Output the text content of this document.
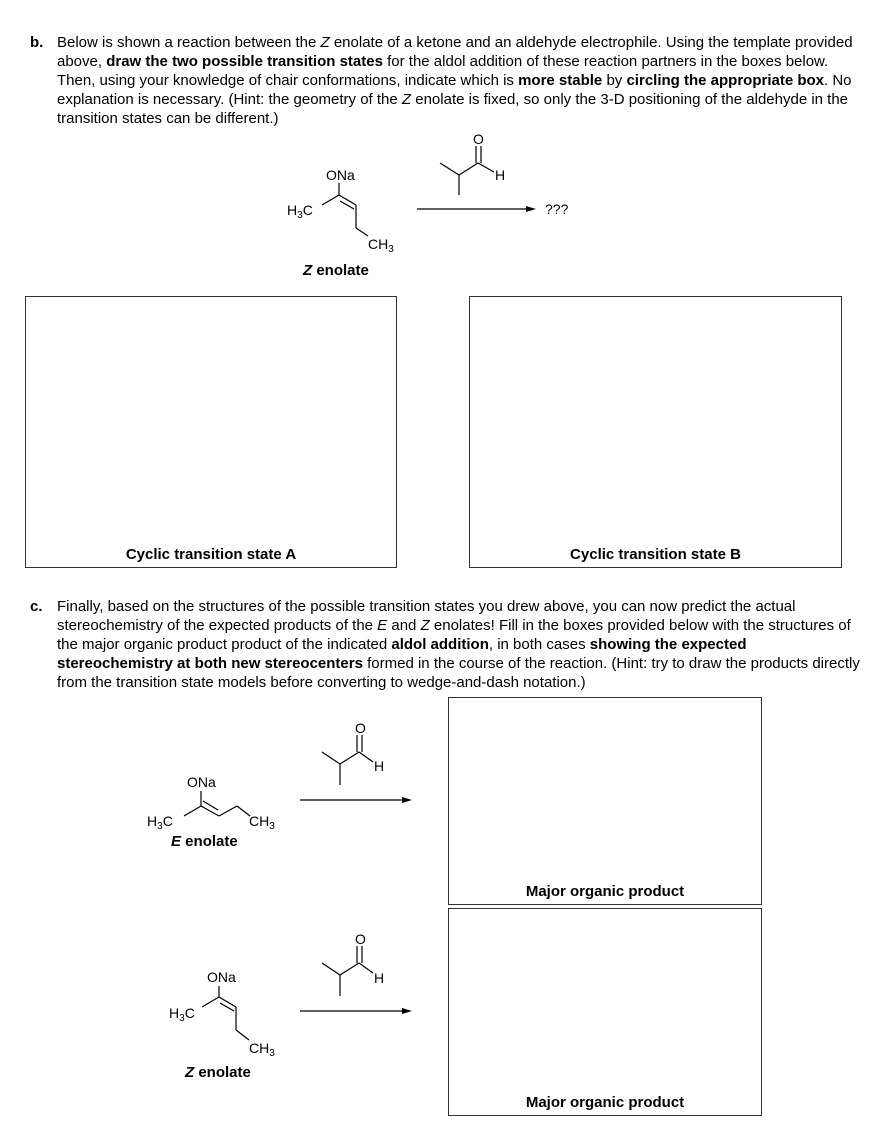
b. Below is shown a reaction between the Z enolate of a ketone and an aldehyde electrophile. Using the template provided above, draw the two possible transition states for the aldol addition of these reaction partners in the boxes below. Then, using your knowledge of chair conformations, indicate which is more stable by circling the appropriate box. No explanation is necessary. (Hint: the geometry of the Z enolate is fixed, so only the 3-D positioning of the aldehyde in the transition states can be different.)
ONa
$H_3C$
$CH_3$
Z enolate
O
H
???
Cyclic transition state A	Cyclic transition state B
c. Finally, based on the structures of the possible transition states you drew above, you can now predict the actual stereochemistry of the expected products of the E and Z enolates! Fill in the boxes provided below with the structures of the major organic product product of the indicated aldol addition, in both cases showing the expected stereochemistry at both new stereocenters formed in the course of the reaction. (Hint: try to draw the products directly from the transition state models before converting to wedge-and-dash notation.)
ONa
$H_3C$	$CH_3$
E enolate
O
H
ONa
$H_3C$
$CH_3$
Z enolate
O
H
Major organic product
Major organic product
